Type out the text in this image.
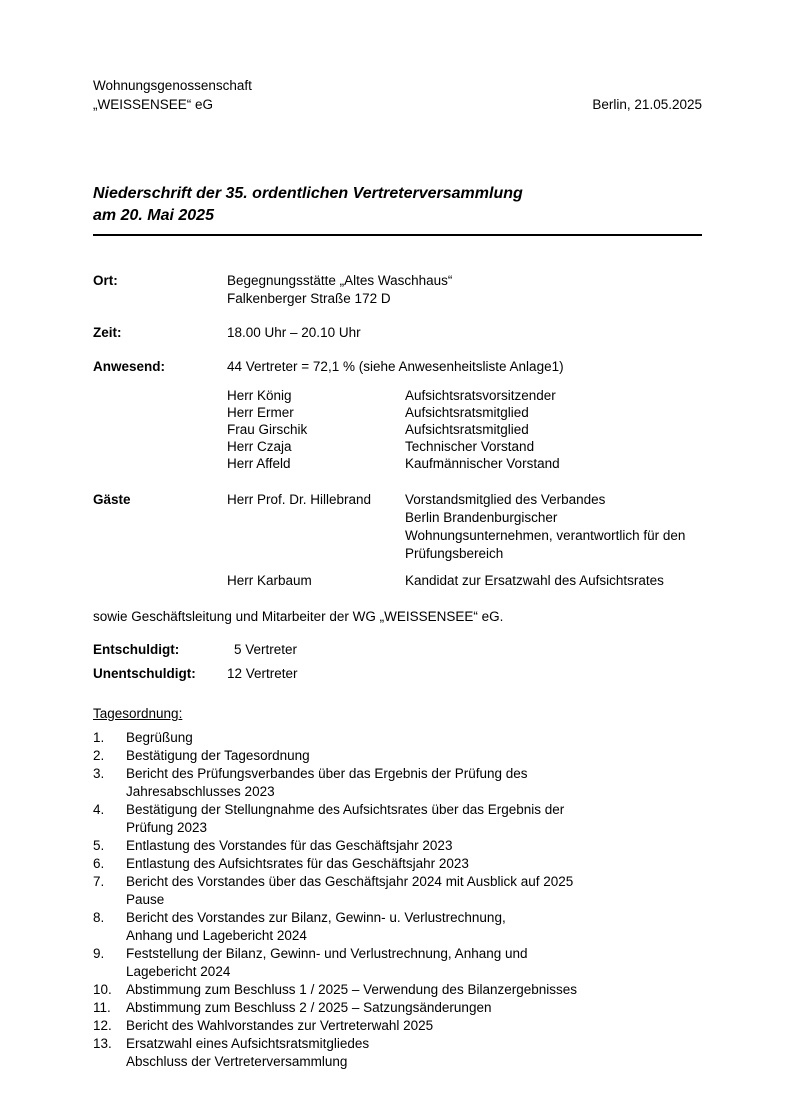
Wohnungsgenossenschaft
„WEISSENSEE“ eG	Berlin, 21.05.2025
Niederschrift der 35. ordentlichen Vertreterversammlung
am 20. Mai 2025
Ort:	Begegnungsstätte „Altes Waschhaus“
Falkenberger Straße 172 D
Zeit:	18.00 Uhr – 20.10 Uhr
Anwesend:	44 Vertreter = 72,1 % (siehe Anwesenheitsliste Anlage1)
Herr König	Aufsichtsratsvorsitzender
Herr Ermer	Aufsichtsratsmitglied
Frau Girschik	Aufsichtsratsmitglied
Herr Czaja	Technischer Vorstand
Herr Affeld	Kaufmännischer Vorstand
Gäste	Herr Prof. Dr. Hillebrand	Vorstandsmitglied des Verbandes
Berlin Brandenburgischer
Wohnungsunternehmen, verantwortlich für den
Prüfungsbereich
Herr Karbaum	Kandidat zur Ersatzwahl des Aufsichtsrates
sowie Geschäftsleitung und Mitarbeiter der WG „WEISSENSEE“ eG.
Entschuldigt:	5 Vertreter
Unentschuldigt:	12 Vertreter
Tagesordnung:
1.	Begrüßung
2.	Bestätigung der Tagesordnung
3.	Bericht des Prüfungsverbandes über das Ergebnis der Prüfung des
Jahresabschlusses 2023
4.	Bestätigung der Stellungnahme des Aufsichtsrates über das Ergebnis der
Prüfung 2023
5.	Entlastung des Vorstandes für das Geschäftsjahr 2023
6.	Entlastung des Aufsichtsrates für das Geschäftsjahr 2023
7.	Bericht des Vorstandes über das Geschäftsjahr 2024 mit Ausblick auf 2025
Pause
8.	Bericht des Vorstandes zur Bilanz, Gewinn- u. Verlustrechnung,
Anhang und Lagebericht 2024
9.	Feststellung der Bilanz, Gewinn- und Verlustrechnung, Anhang und
Lagebericht 2024
10.	Abstimmung zum Beschluss 1 / 2025 – Verwendung des Bilanzergebnisses
11.	Abstimmung zum Beschluss 2 / 2025 – Satzungsänderungen
12.	Bericht des Wahlvorstandes zur Vertreterwahl 2025
13.	Ersatzwahl eines Aufsichtsratsmitgliedes
Abschluss der Vertreterversammlung
